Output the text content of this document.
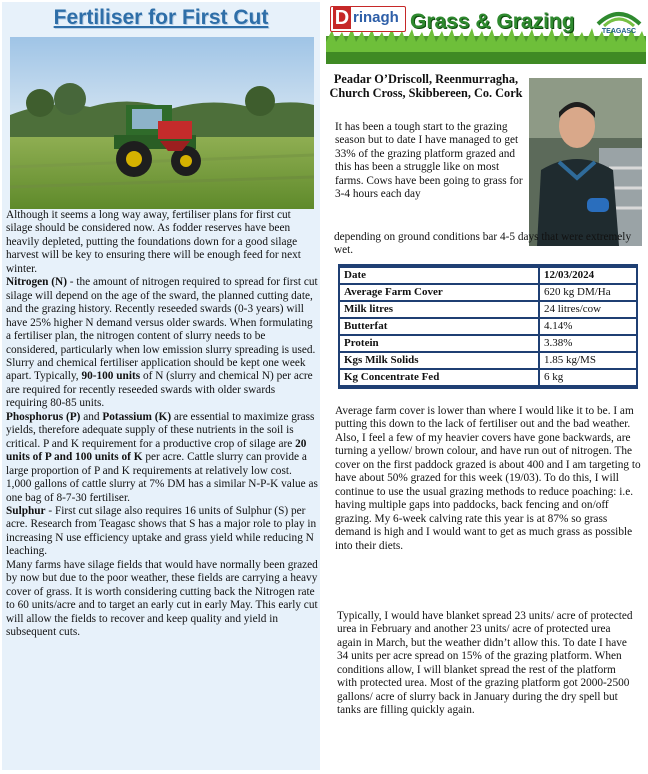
Fertiliser for First Cut

Although it seems a long way away, fertiliser plans for first cut silage should be considered now. As fodder reserves have been heavily depleted, putting the foundations down for a good silage harvest will be key to ensuring there will be enough feed for next winter.

Nitrogen (N) - the amount of nitrogen required to spread for first cut silage will depend on the age of the sward, the planned cutting date, and the grazing history. Recently reseeded swards (0-3 years) will have 25% higher N demand versus older swards. When formulating a fertiliser plan, the nitrogen content of slurry needs to be considered, particularly when low emission slurry spreading is used. Slurry and chemical fertiliser application should be kept one week apart. Typically, 90-100 units of N (slurry and chemical N) per acre are required for recently reseeded swards with older swards requiring 80-85 units.

Phosphorus (P) and Potassium (K) are essential to maximize grass yields, therefore adequate supply of these nutrients in the soil is critical. P and K requirement for a productive crop of silage are 20 units of P and 100 units of K per acre. Cattle slurry can provide a large proportion of P and K requirements at relatively low cost. 1,000 gallons of cattle slurry at 7% DM has a similar N-P-K value as one bag of 8-7-30 fertiliser.

Sulphur - First cut silage also requires 16 units of Sulphur (S) per acre. Research from Teagasc shows that S has a major role to play in increasing N use efficiency uptake and grass yield while reducing N leaching.

Many farms have silage fields that would have normally been grazed by now but due to the poor weather, these fields are carrying a heavy cover of grass. It is worth considering cutting back the Nitrogen rate to 60 units/acre and to target an early cut in early May. This early cut will allow the fields to recover and keep quality and yield in subsequent cuts.

D rinagh Grass & Grazing	TEAGASC
Peadar O’Driscoll, Reenmurragha, Church Cross, Skibbereen, Co. Cork

It has been a tough start to the grazing season but to date I have managed to get 33% of the grazing platform grazed and this has been a struggle like on most farms. Cows have been going to grass for 3-4 hours each day

depending on ground conditions bar 4-5 days that were extremely wet.

Date		12/03/2024
Average Farm Cover		620 kg DM/Ha
Milk litres		24 litres/cow
Butterfat		4.14%
Protein		3.38%
Kgs Milk Solids		1.85 kg/MS
Kg Concentrate Fed		6 kg

Average farm cover is lower than where I would like it to be. I am putting this down to the lack of fertiliser out and the bad weather. Also, I feel a few of my heavier covers have gone backwards, are turning a yellow/ brown colour, and have run out of nitrogen. The cover on the first paddock grazed is about 400 and I am targeting to have about 50% grazed for this week (19/03). To do this, I will continue to use the usual grazing methods to reduce poaching: i.e. having multiple gaps into paddocks, back fencing and on/off grazing. My 6-week calving rate this year is at 87% so grass demand is high and I would want to get as much grass as possible into their diets.

Typically, I would have blanket spread 23 units/ acre of protected urea in February and another 23 units/ acre of protected urea again in March, but the weather didn’t allow this. To date I have 34 units per acre spread on 15% of the grazing platform. When conditions allow, I will blanket spread the rest of the platform with protected urea. Most of the grazing platform got 2000-2500 gallons/ acre of slurry back in January during the dry spell but tanks are filling quickly again.
